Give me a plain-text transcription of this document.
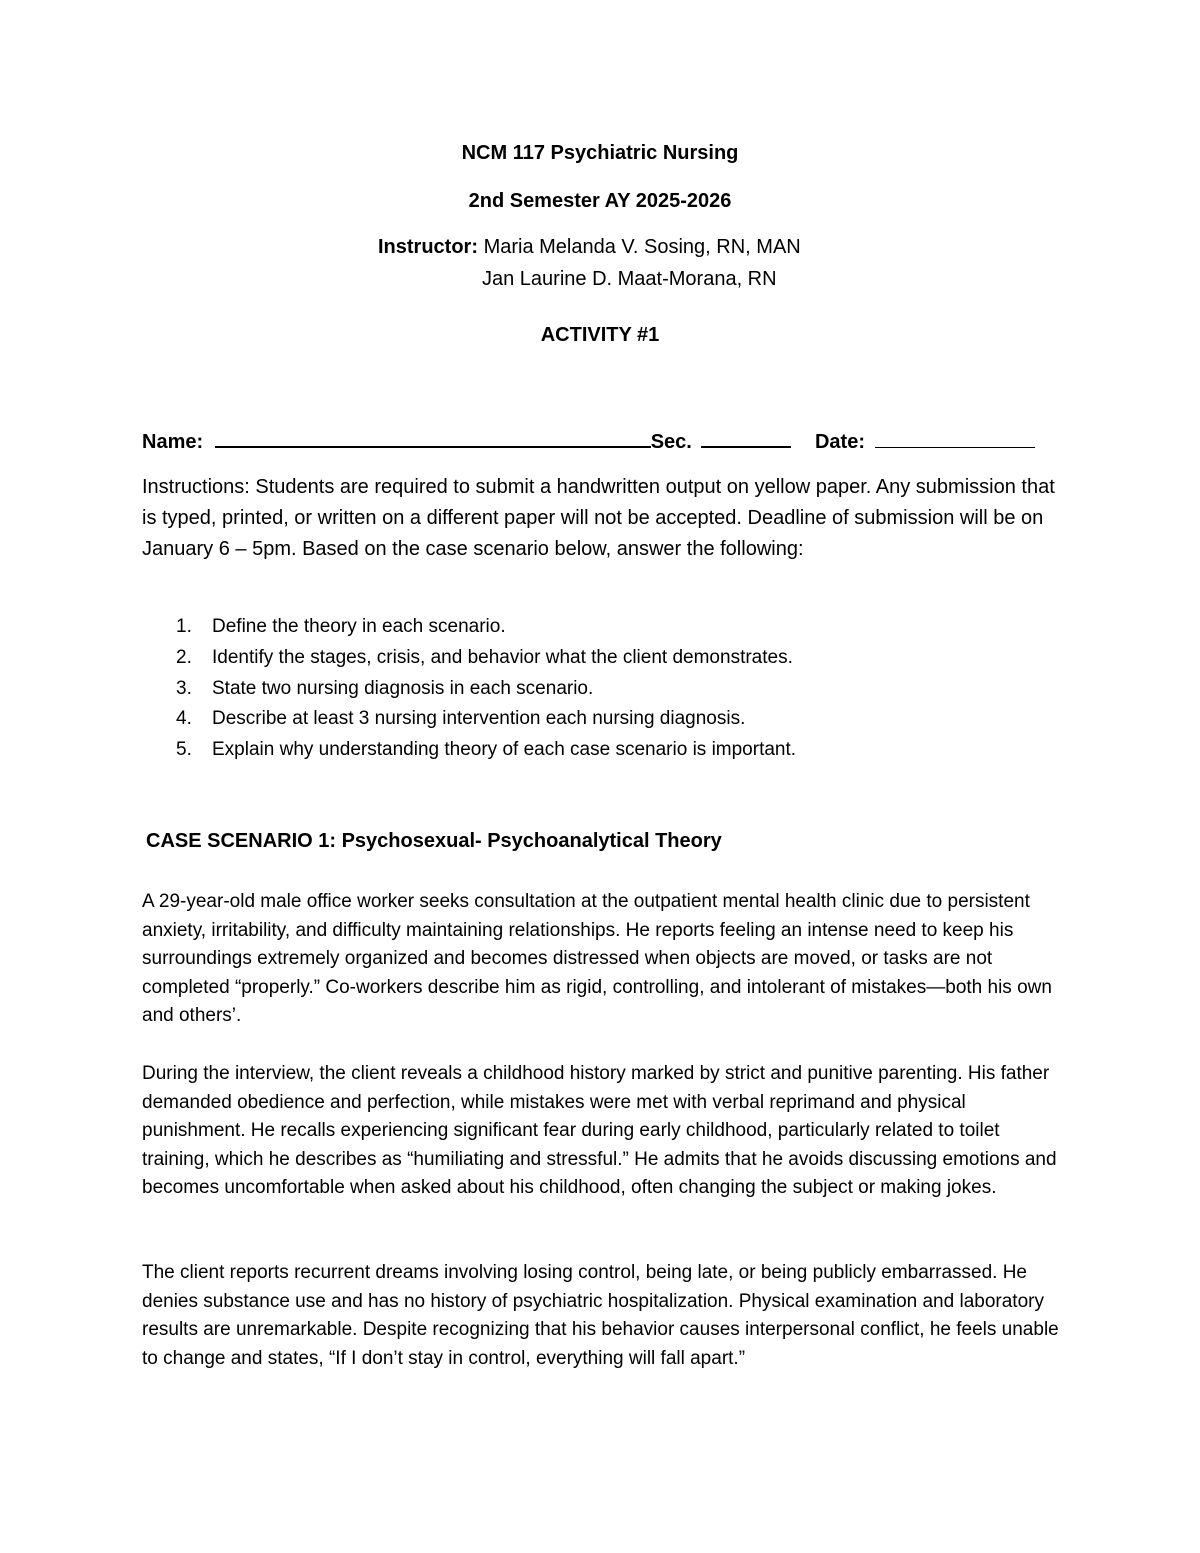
NCM 117 Psychiatric Nursing
2nd Semester AY 2025-2026
Instructor: Maria Melanda V. Sosing, RN, MAN
Jan Laurine D. Maat-Morana, RN
ACTIVITY #1
Name:	Sec.	Date:
Instructions: Students are required to submit a handwritten output on yellow paper. Any submission that is typed, printed, or written on a different paper will not be accepted. Deadline of submission will be on January 6 – 5pm. Based on the case scenario below, answer the following:
1. Define the theory in each scenario.
2. Identify the stages, crisis, and behavior what the client demonstrates.
3. State two nursing diagnosis in each scenario.
4. Describe at least 3 nursing intervention each nursing diagnosis.
5. Explain why understanding theory of each case scenario is important.
CASE SCENARIO 1: Psychosexual- Psychoanalytical Theory
A 29-year-old male office worker seeks consultation at the outpatient mental health clinic due to persistent anxiety, irritability, and difficulty maintaining relationships. He reports feeling an intense need to keep his surroundings extremely organized and becomes distressed when objects are moved, or tasks are not completed “properly.” Co-workers describe him as rigid, controlling, and intolerant of mistakes—both his own and others’.
During the interview, the client reveals a childhood history marked by strict and punitive parenting. His father demanded obedience and perfection, while mistakes were met with verbal reprimand and physical punishment. He recalls experiencing significant fear during early childhood, particularly related to toilet training, which he describes as “humiliating and stressful.” He admits that he avoids discussing emotions and becomes uncomfortable when asked about his childhood, often changing the subject or making jokes.
The client reports recurrent dreams involving losing control, being late, or being publicly embarrassed. He denies substance use and has no history of psychiatric hospitalization. Physical examination and laboratory results are unremarkable. Despite recognizing that his behavior causes interpersonal conflict, he feels unable to change and states, “If I don’t stay in control, everything will fall apart.”
